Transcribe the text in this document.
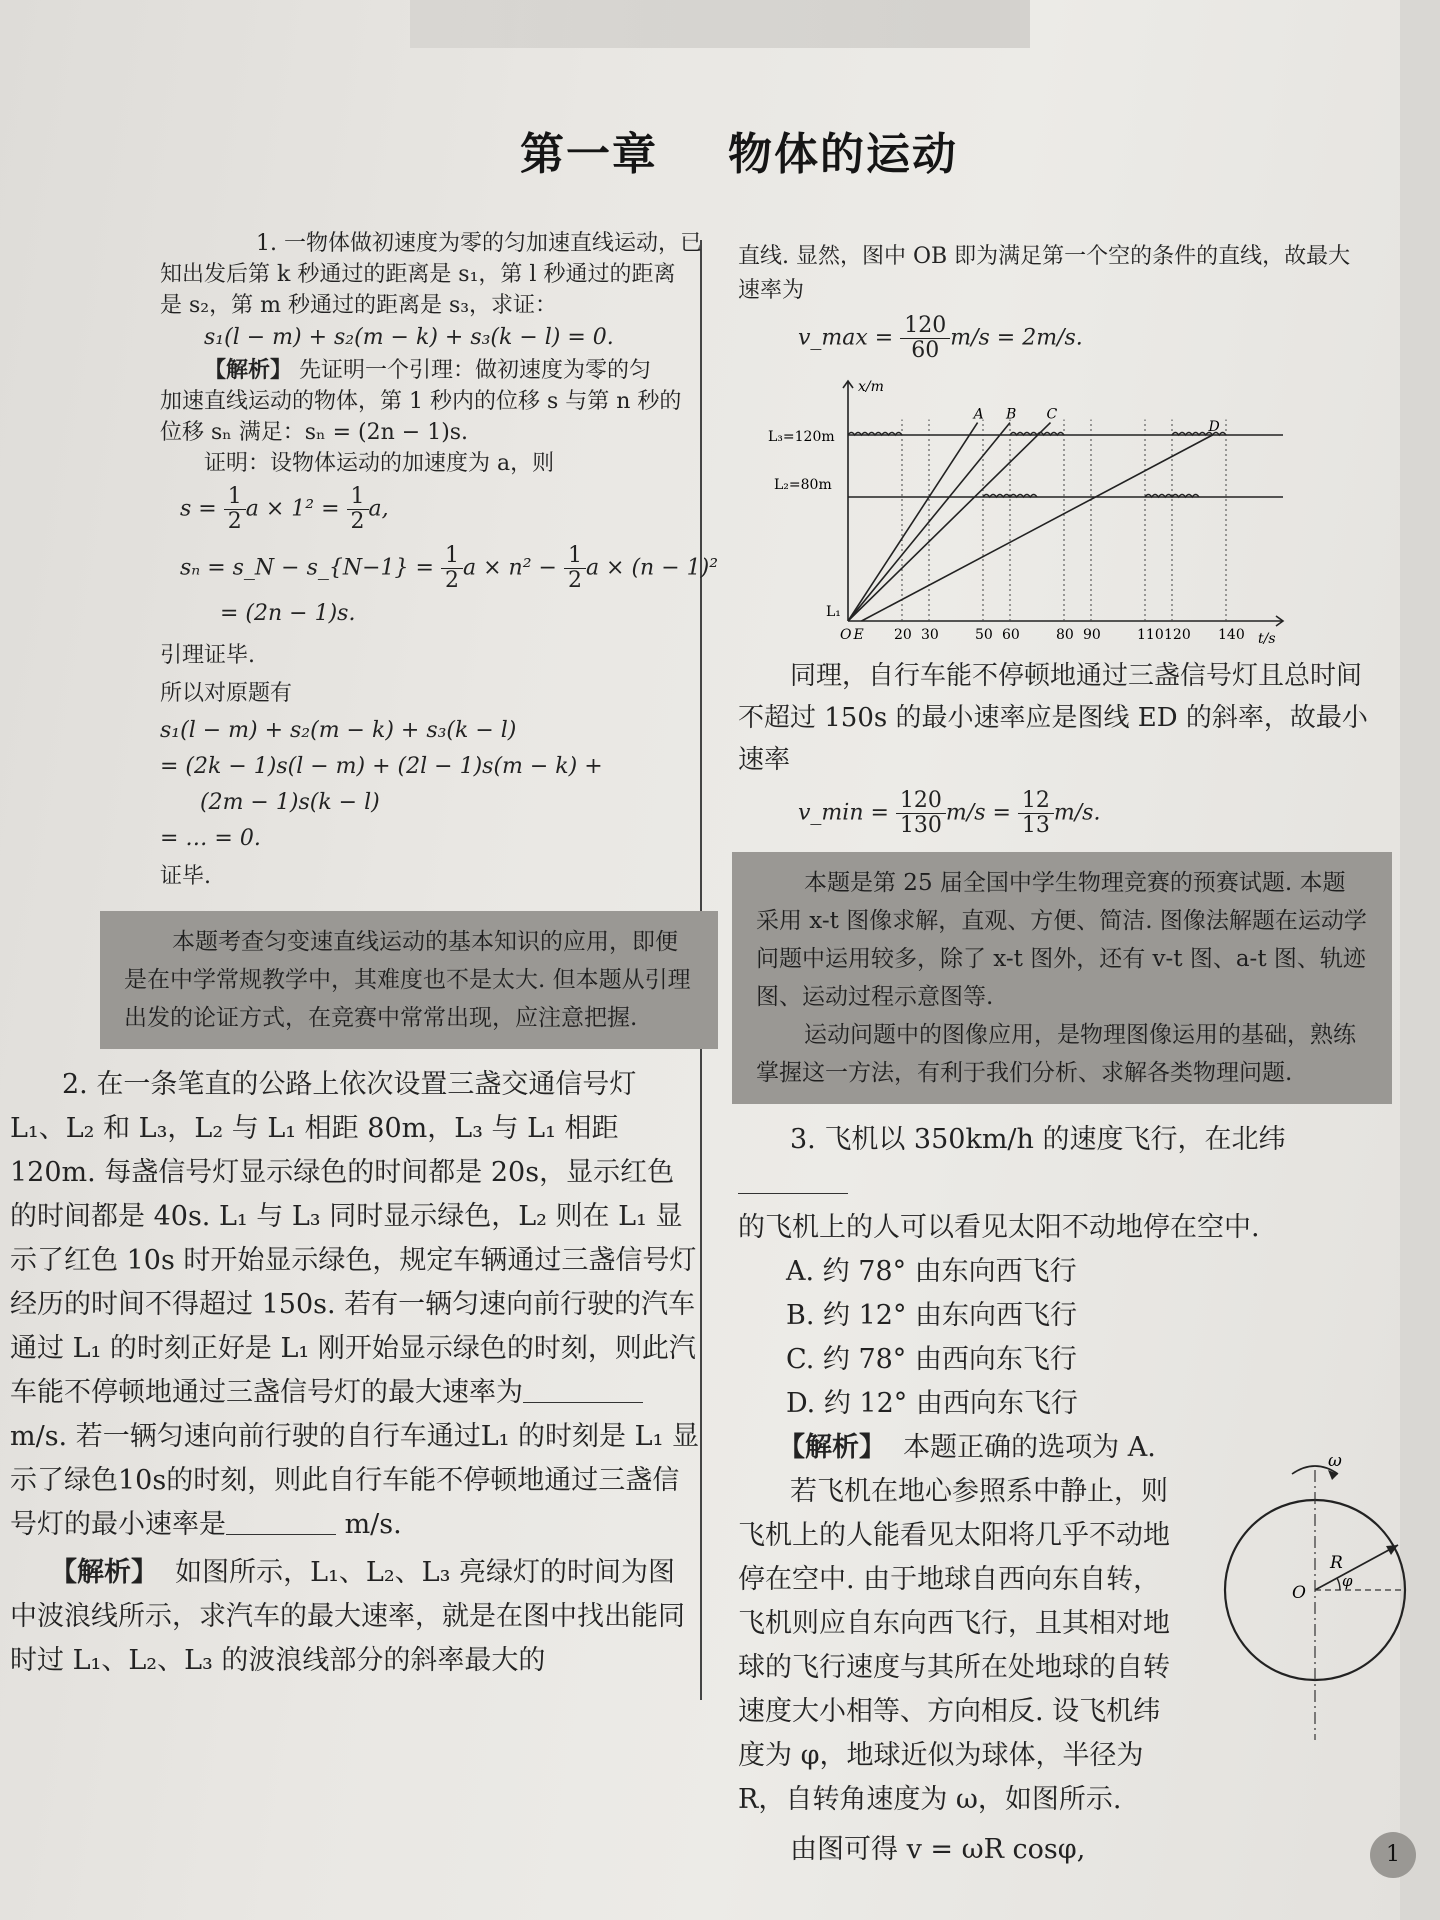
第一章 物体的运动

1. 一物体做初速度为零的匀加速直线运动，已

知出发后第 k 秒通过的距离是 s₁，第 l 秒通过的距离

是 s₂，第 m 秒通过的距离是 s₃，求证：

s₁(l − m) + s₂(m − k) + s₃(k − l) = 0.

【解析】 先证明一个引理：做初速度为零的匀

加速直线运动的物体，第 1 秒内的位移 s 与第 n 秒的

位移 sₙ 满足：sₙ = (2n − 1)s.

证明：设物体运动的加速度为 a，则

$s = \frac{1}{2}$ $a \times 1^2 = \frac{1}{2} a$,

sₙ = s_N − s_{N−1} = $\frac{1}{2}$ $a \times n^2 - \frac{1}{2}$ a × (n − 1)²

= (2n − 1)s.

引理证毕.

所以对原题有

s₁(l − m) + s₂(m − k) + s₃(k − l)

= (2k − 1)s(l − m) + (2l − 1)s(m − k) +

(2m − 1)s(k − l)

= … = 0.

证毕.

本题考查匀变速直线运动的基本知识的应用，即便是在中学常规教学中，其难度也不是太大. 但本题从引理出发的论证方式，在竞赛中常常出现，应注意把握.

2. 在一条笔直的公路上依次设置三盏交通信号灯 L₁、L₂ 和 L₃，L₂ 与 L₁ 相距 80m，L₃ 与 L₁ 相距 120m. 每盏信号灯显示绿色的时间都是 20s，显示红色的时间都是 40s. L₁ 与 L₃ 同时显示绿色，L₂ 则在 L₁ 显示了红色 10s 时开始显示绿色，规定车辆通过三盏信号灯经历的时间不得超过 150s. 若有一辆匀速向前行驶的汽车通过 L₁ 的时刻正好是 L₁ 刚开始显示绿色的时刻，则此汽车能不停顿地通过三盏信号灯的最大速率为 m/s. 若一辆匀速向前行驶的自行车通过L₁ 的时刻是 L₁ 显示了绿色10s的时刻，则此自行车能不停顿地通过三盏信号灯的最小速率是	m/s.

【解析】 如图所示，L₁、L₂、L₃ 亮绿灯的时间为图中波浪线所示，求汽车的最大速率，就是在图中找出能同时过 L₁、L₂、L₃ 的波浪线部分的斜率最大的

直线. 显然，图中 OB 即为满足第一个空的条件的直线，故最大速率为

v_max = $\frac{120}{60} m/s = 2m/s$.

x/m
t/s
L₃=120m
L₂=80m
L₁
O E 20 30	50 60	80 90	110 120 140
A B C
D

同理，自行车能不停顿地通过三盏信号灯且总时间不超过 150s 的最小速率应是图线 ED 的斜率，故最小速率

v_min = $\frac{120}{130} m/s = \frac{12}{13} m/s$.

本题是第 25 届全国中学生物理竞赛的预赛试题. 本题采用 x-t 图像求解，直观、方便、简洁. 图像法解题在运动学问题中运用较多，除了 x-t 图外，还有 v-t 图、a-t 图、轨迹图、运动过程示意图等.

运动问题中的图像应用，是物理图像运用的基础，熟练掌握这一方法，有利于我们分析、求解各类物理问题.

3. 飞机以 350km/h 的速度飞行，在北纬

的飞机上的人可以看见太阳不动地停在空中.

A. 约 78° 由东向西飞行

B. 约 12° 由东向西飞行

C. 约 78° 由西向东飞行

D. 约 12° 由西向东飞行

【解析】 本题正确的选项为 A.

若飞机在地心参照系中静止，则飞机上的人能看见太阳将几乎不动地停在空中. 由于地球自西向东自转，飞机则应自东向西飞行，且其相对地球的飞行速度与其所在处地球的自转速度大小相等、方向相反. 设飞机纬度为 φ，地球近似为球体，半径为 R，自转角速度为 ω，如图所示.

由图可得 v = ωR cosφ,

ω
R
O
φ
1
